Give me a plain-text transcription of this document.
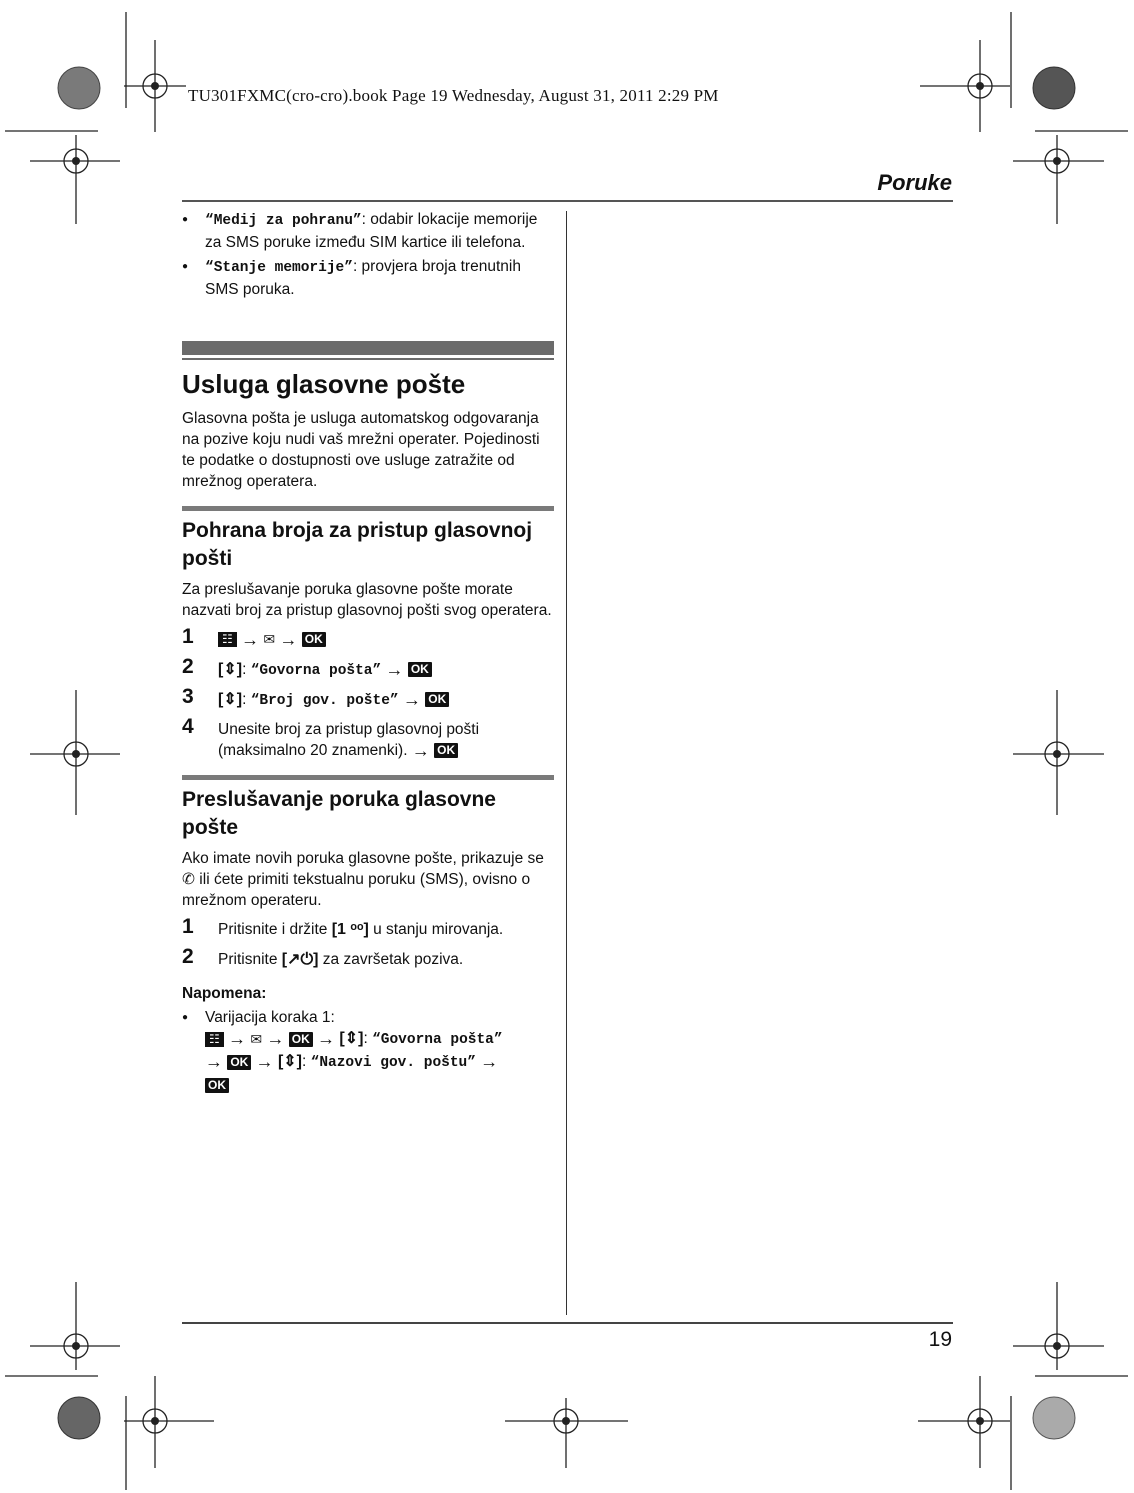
TU301FXMC(cro-cro).book Page 19 Wednesday, August 31, 2011 2:29 PM
Poruke
19
● “Medij za pohranu”: odabir lokacije memorije za SMS poruke između SIM kartice ili telefona.
● “Stanje memorije”: provjera broja trenutnih SMS poruka.
Usluga glasovne pošte

Glasovna pošta je usluga automatskog odgovaranja na pozive koju nudi vaš mrežni operater. Pojedinosti te podatke o dostupnosti ove usluge zatražite od mrežnog operatera.

Pohrana broja za pristup glasovnoj pošti

Za preslušavanje poruka glasovne pošte morate nazvati broj za pristup glasovnoj pošti svog operatera.

1 ☷ → ✉ → OK
2 [⇕]: “Govorna pošta” → OK
3 [⇕]: “Broj gov. pošte” → OK
4 Unesite broj za pristup glasovnoj pošti (maksimalno 20 znamenki). → OK
Preslušavanje poruka glasovne pošte

Ako imate novih poruka glasovne pošte, prikazuje se ✆ ili ćete primiti tekstualnu poruku (SMS), ovisno o mrežnom operateru.

1 Pritisnite i držite [1 ᵒᵒ] u stanju mirovanja.
2 Pritisnite [↗⏻] za završetak poziva.
Napomena:
● Varijacija koraka 1:
☷ → ✉ → OK → [⇕]: “Govorna pošta”
→ OK → [⇕]: “Nazovi gov. poštu” →
OK
